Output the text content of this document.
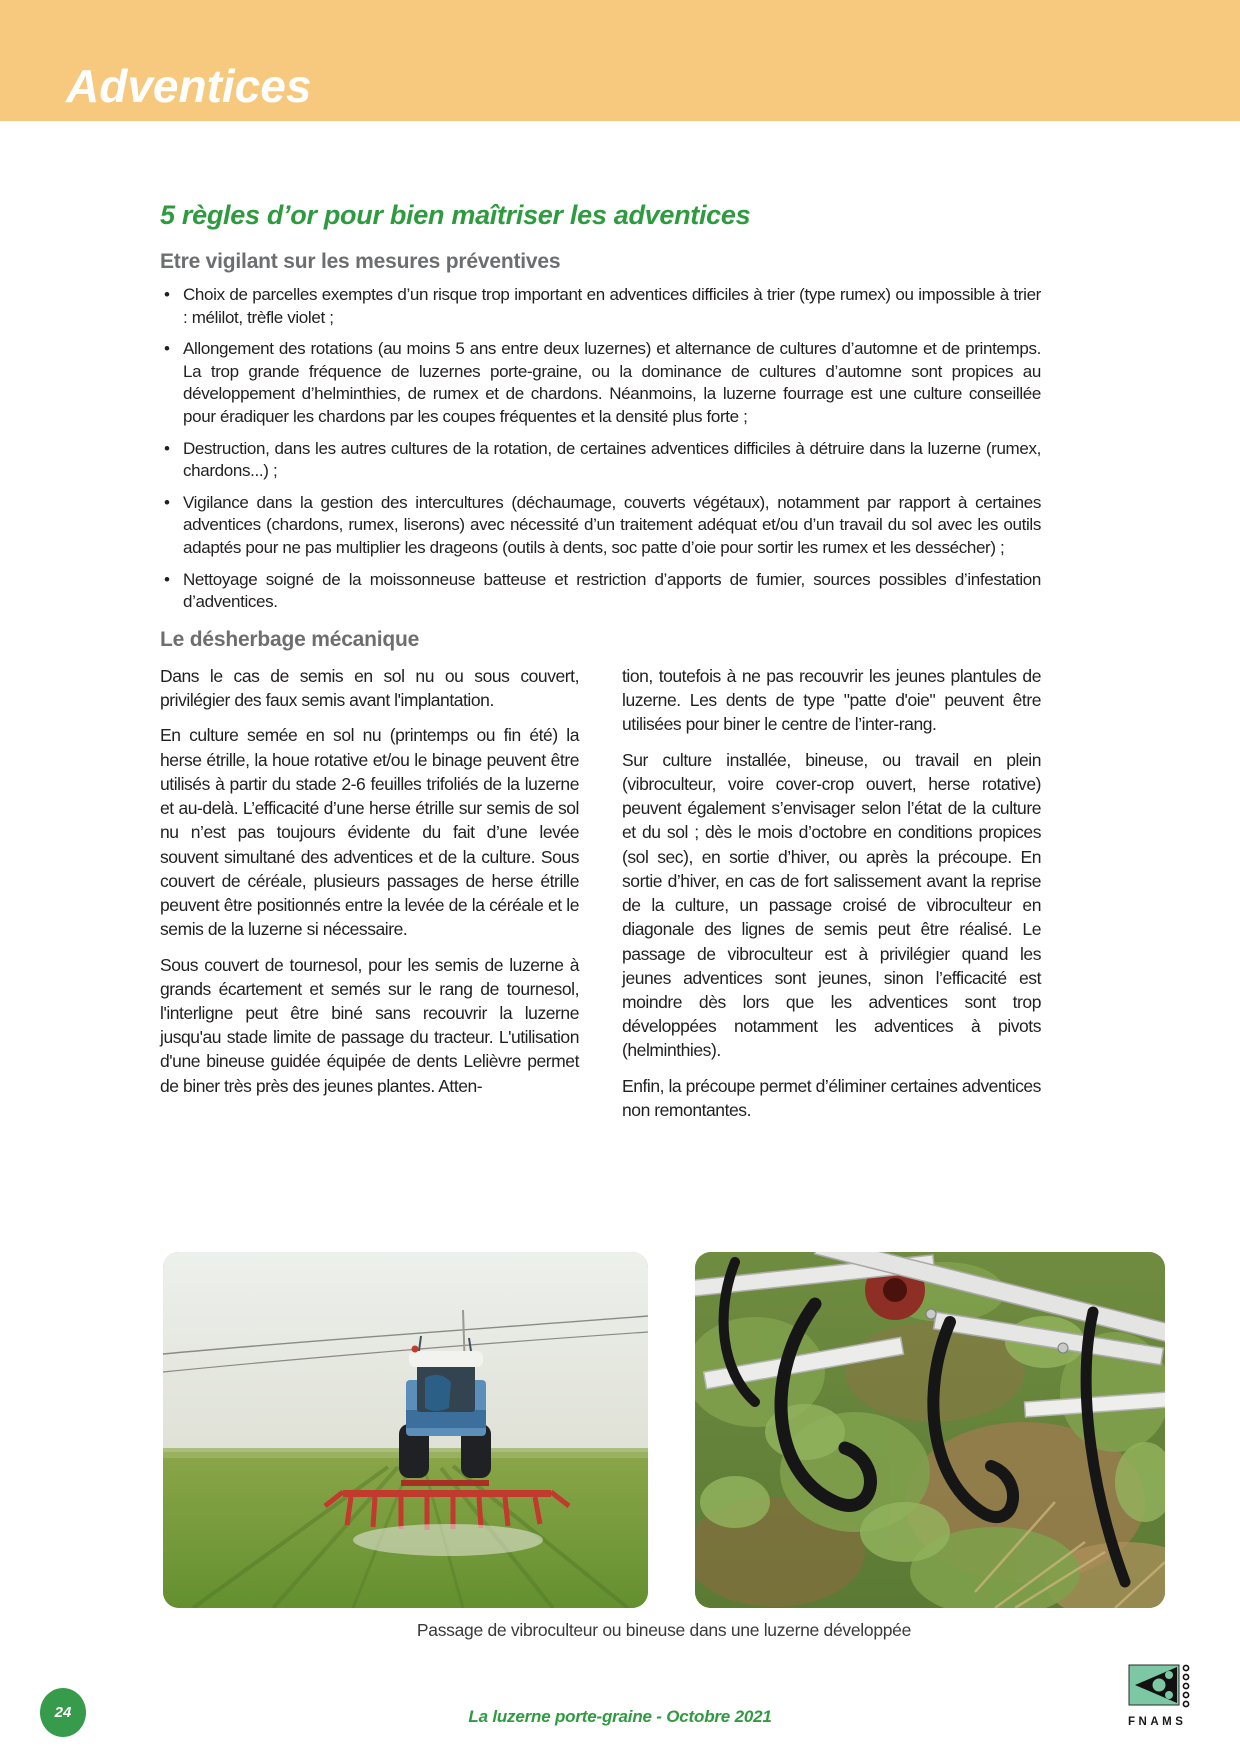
Adventices
5 règles d’or pour bien maîtriser les adventices
Etre vigilant sur les mesures préventives
• Choix de parcelles exemptes d’un risque trop important en adventices difficiles à trier (type rumex) ou impossible à trier : mélilot, trèfle violet ;
• Allongement des rotations (au moins 5 ans entre deux luzernes) et alternance de cultures d’automne et de printemps. La trop grande fréquence de luzernes porte-graine, ou la dominance de cultures d’automne sont propices au développement d’helminthies, de rumex et de chardons. Néanmoins, la luzerne fourrage est une culture conseillée pour éradiquer les chardons par les coupes fréquentes et la densité plus forte ;
• Destruction, dans les autres cultures de la rotation, de certaines adventices difficiles à détruire dans la luzerne (rumex, chardons...) ;
• Vigilance dans la gestion des intercultures (déchaumage, couverts végétaux), notamment par rapport à certaines adventices (chardons, rumex, liserons) avec nécessité d’un traitement adéquat et/ou d’un travail du sol avec les outils adaptés pour ne pas multiplier les drageons (outils à dents, soc patte d’oie pour sortir les rumex et les dessécher) ;
• Nettoyage soigné de la moissonneuse batteuse et restriction d’apports de fumier, sources possibles d’infestation d’adventices.
Le désherbage mécanique

Dans le cas de semis en sol nu ou sous couvert, privilégier des faux semis avant l'implantation.

En culture semée en sol nu (printemps ou fin été) la herse étrille, la houe rotative et/ou le binage peuvent être utilisés à partir du stade 2-6 feuilles trifoliés de la luzerne et au-delà. L’efficacité d’une herse étrille sur semis de sol nu n’est pas toujours évidente du fait d’une levée souvent simultané des adventices et de la culture. Sous couvert de céréale, plusieurs passages de herse étrille peuvent être positionnés entre la levée de la céréale et le semis de la luzerne si nécessaire.

Sous couvert de tournesol, pour les semis de luzerne à grands écartement et semés sur le rang de tournesol, l'interligne peut être biné sans recouvrir la luzerne jusqu'au stade limite de passage du tracteur. L'utilisation d'une bineuse guidée équipée de dents Lelièvre permet de biner très près des jeunes plantes. Atten-

tion, toutefois à ne pas recouvrir les jeunes plantules de luzerne. Les dents de type "patte d'oie" peuvent être utilisées pour biner le centre de l’inter-rang.

Sur culture installée, bineuse, ou travail en plein (vibroculteur, voire cover-crop ouvert, herse rotative) peuvent également s’envisager selon l’état de la culture et du sol ; dès le mois d’octobre en conditions propices (sol sec), en sortie d’hiver, ou après la précoupe. En sortie d’hiver, en cas de fort salissement avant la reprise de la culture, un passage croisé de vibroculteur en diagonale des lignes de semis peut être réalisé. Le passage de vibroculteur est à privilégier quand les jeunes adventices sont jeunes, sinon l’efficacité est moindre dès lors que les adventices sont trop développées notamment les adventices à pivots (helminthies).

Enfin, la précoupe permet d’éliminer certaines adventices non remontantes.

Passage de vibroculteur ou bineuse dans une luzerne développée
24	La luzerne porte-graine - Octobre 2021	FNAMS
